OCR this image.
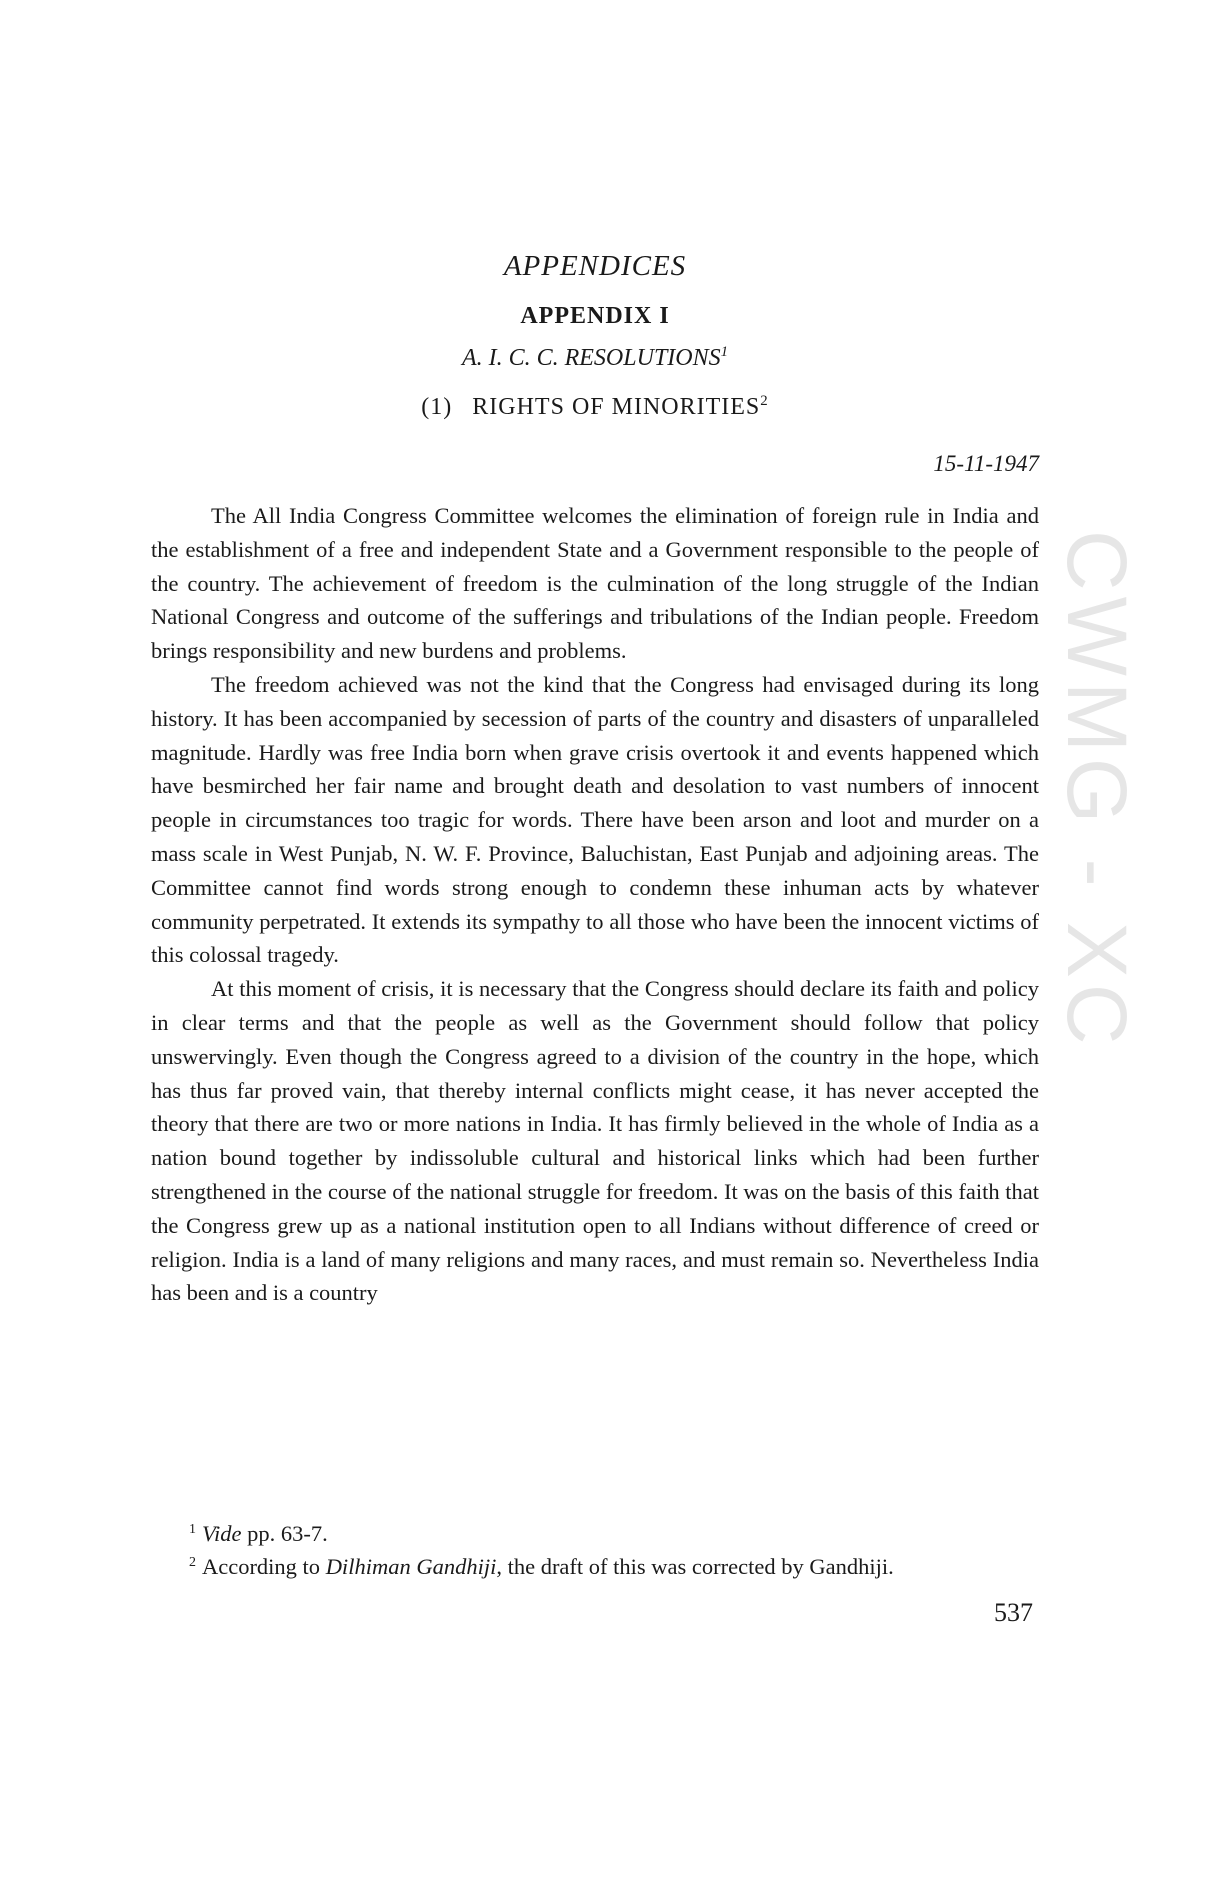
CWMG - XC
APPENDICES
APPENDIX I
A. I. C. C. RESOLUTIONS$^1$
(1) RIGHTS OF MINORITIES$^2$
15-11-1947

The All India Congress Committee welcomes the elimination of foreign rule in India and the establishment of a free and independent State and a Government responsible to the people of the country. The achievement of freedom is the culmination of the long struggle of the Indian National Congress and outcome of the sufferings and tribulations of the Indian people. Freedom brings responsibility and new burdens and problems.

The freedom achieved was not the kind that the Congress had envisaged during its long history. It has been accompanied by secession of parts of the country and disasters of unparalleled magnitude. Hardly was free India born when grave crisis overtook it and events happened which have besmirched her fair name and brought death and desolation to vast numbers of innocent people in circumstances too tragic for words. There have been arson and loot and murder on a mass scale in West Punjab, N. W. F. Province, Baluchistan, East Punjab and adjoining areas. The Committee cannot find words strong enough to condemn these inhuman acts by whatever community perpetrated. It extends its sympathy to all those who have been the innocent victims of this colossal tragedy.

At this moment of crisis, it is necessary that the Congress should declare its faith and policy in clear terms and that the people as well as the Government should follow that policy unswervingly. Even though the Congress agreed to a division of the country in the hope, which has thus far proved vain, that thereby internal conflicts might cease, it has never accepted the theory that there are two or more nations in India. It has firmly believed in the whole of India as a nation bound together by indissoluble cultural and historical links which had been further strengthened in the course of the national struggle for freedom. It was on the basis of this faith that the Congress grew up as a national institution open to all Indians without difference of creed or religion. India is a land of many religions and many races, and must remain so. Nevertheless India has been and is a country

$^1$ Vide pp. 63-7.
$^2$ According to Dilhiman Gandhiji, the draft of this was corrected by Gandhiji.
537
